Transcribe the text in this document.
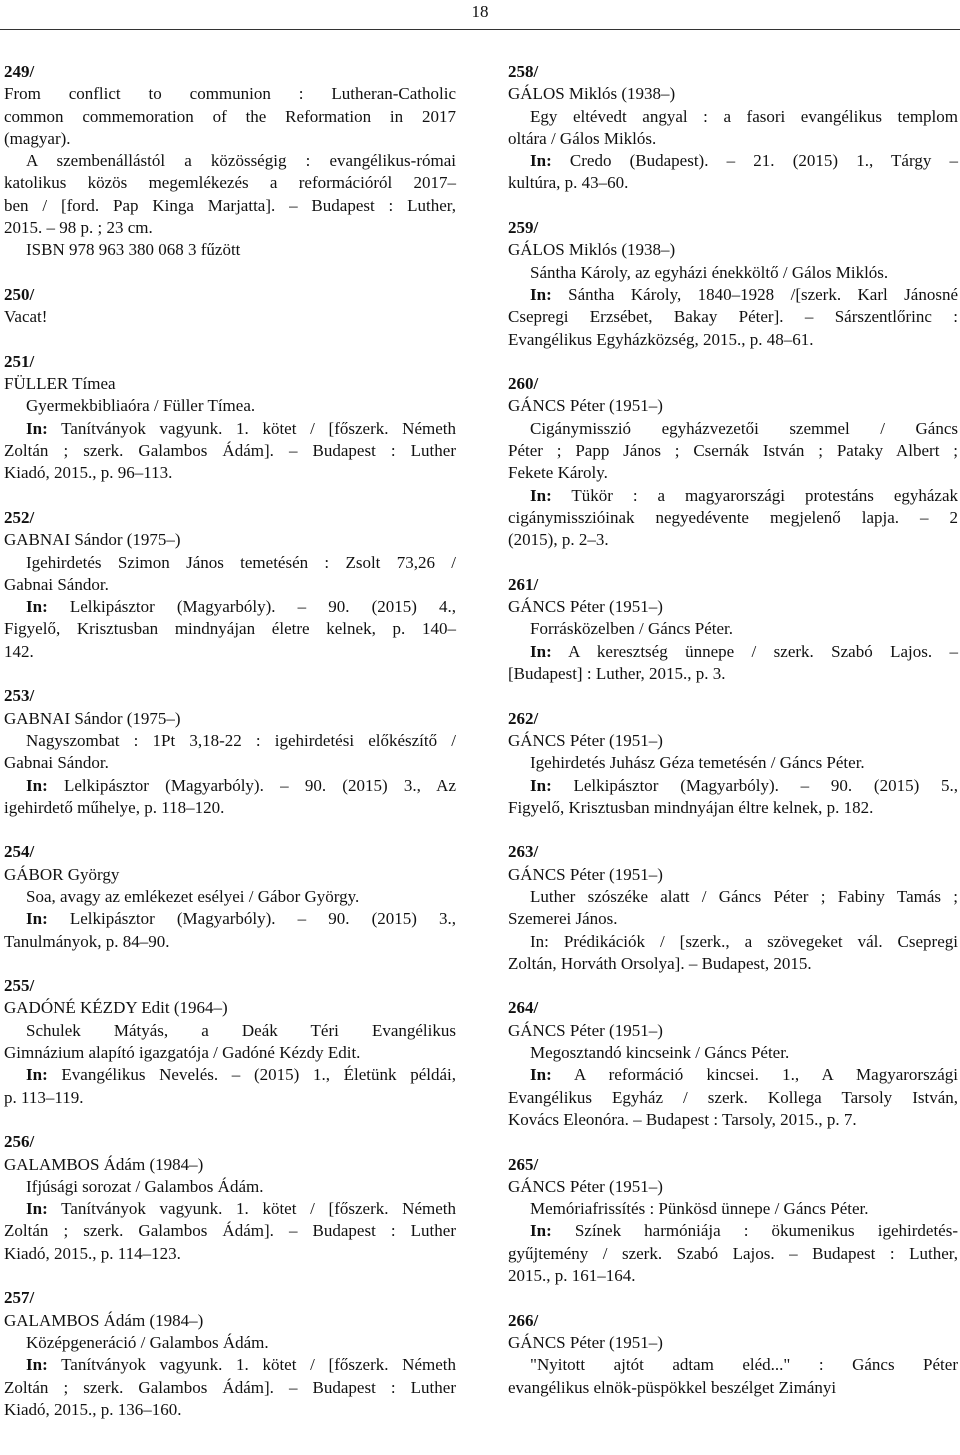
18
249/
From conflict to communion : Lutheran-Catholic
common commemoration of the Reformation in 2017
(magyar).
A szembenállástól a közösségig : evangélikus-római
katolikus közös megemlékezés a reformációról 2017–
ben / [ford. Pap Kinga Marjatta]. – Budapest : Luther,
2015. – 98 p. ; 23 cm.
ISBN 978 963 380 068 3 fűzött
250/
Vacat!
251/
FÜLLER Tímea
Gyermekbibliaóra / Füller Tímea.
In: Tanítványok vagyunk. 1. kötet / [főszerk. Németh
Zoltán ; szerk. Galambos Ádám]. – Budapest : Luther
Kiadó, 2015., p. 96–113.
252/
GABNAI Sándor (1975–)
Igehirdetés Szimon János temetésén : Zsolt 73,26 /
Gabnai Sándor.
In: Lelkipásztor (Magyarbóly). – 90. (2015) 4.,
Figyelő, Krisztusban mindnyájan életre kelnek, p. 140–
142.
253/
GABNAI Sándor (1975–)
Nagyszombat : 1Pt 3,18-22 : igehirdetési előkészítő /
Gabnai Sándor.
In: Lelkipásztor (Magyarbóly). – 90. (2015) 3., Az
igehirdető műhelye, p. 118–120.
254/
GÁBOR György
Soa, avagy az emlékezet esélyei / Gábor György.
In: Lelkipásztor (Magyarbóly). – 90. (2015) 3.,
Tanulmányok, p. 84–90.
255/
GADÓNÉ KÉZDY Edit (1964–)
Schulek Mátyás, a Deák Téri Evangélikus
Gimnázium alapító igazgatója / Gadóné Kézdy Edit.
In: Evangélikus Nevelés. – (2015) 1., Életünk példái,
p. 113–119.
256/
GALAMBOS Ádám (1984–)
Ifjúsági sorozat / Galambos Ádám.
In: Tanítványok vagyunk. 1. kötet / [főszerk. Németh
Zoltán ; szerk. Galambos Ádám]. – Budapest : Luther
Kiadó, 2015., p. 114–123.
257/
GALAMBOS Ádám (1984–)
Középgeneráció / Galambos Ádám.
In: Tanítványok vagyunk. 1. kötet / [főszerk. Németh
Zoltán ; szerk. Galambos Ádám]. – Budapest : Luther
Kiadó, 2015., p. 136–160.
258/
GÁLOS Miklós (1938–)
Egy eltévedt angyal : a fasori evangélikus templom
oltára / Gálos Miklós.
In: Credo (Budapest). – 21. (2015) 1., Tárgy –
kultúra, p. 43–60.
259/
GÁLOS Miklós (1938–)
Sántha Károly, az egyházi énekköltő / Gálos Miklós.
In: Sántha Károly, 1840–1928 /[szerk. Karl Jánosné
Csepregi Erzsébet, Bakay Péter]. – Sárszentlőrinc :
Evangélikus Egyházközség, 2015., p. 48–61.
260/
GÁNCS Péter (1951–)
Cigánymisszió egyházvezetői szemmel / Gáncs
Péter ; Papp János ; Csernák István ; Pataky Albert ;
Fekete Károly.
In: Tükör : a magyarországi protestáns egyházak
cigánymisszióinak negyedévente megjelenő lapja. – 2
(2015), p. 2–3.
261/
GÁNCS Péter (1951–)
Forrásközelben / Gáncs Péter.
In: A keresztség ünnepe / szerk. Szabó Lajos. –
[Budapest] : Luther, 2015., p. 3.
262/
GÁNCS Péter (1951–)
Igehirdetés Juhász Géza temetésén / Gáncs Péter.
In: Lelkipásztor (Magyarbóly). – 90. (2015) 5.,
Figyelő, Krisztusban mindnyájan éltre kelnek, p. 182.
263/
GÁNCS Péter (1951–)
Luther szószéke alatt / Gáncs Péter ; Fabiny Tamás ;
Szemerei János.
In: Prédikációk / [szerk., a szövegeket vál. Csepregi
Zoltán, Horváth Orsolya]. – Budapest, 2015.
264/
GÁNCS Péter (1951–)
Megosztandó kincseink / Gáncs Péter.
In: A reformáció kincsei. 1., A Magyarországi
Evangélikus Egyház / szerk. Kollega Tarsoly István,
Kovács Eleonóra. – Budapest : Tarsoly, 2015., p. 7.
265/
GÁNCS Péter (1951–)
Memóriafrissítés : Pünkösd ünnepe / Gáncs Péter.
In: Színek harmóniája : ökumenikus igehirdetés-
gyűjtemény / szerk. Szabó Lajos. – Budapest : Luther,
2015., p. 161–164.
266/
GÁNCS Péter (1951–)
"Nyitott ajtót adtam eléd..." : Gáncs Péter
evangélikus elnök-püspökkel beszélget Zimányi
